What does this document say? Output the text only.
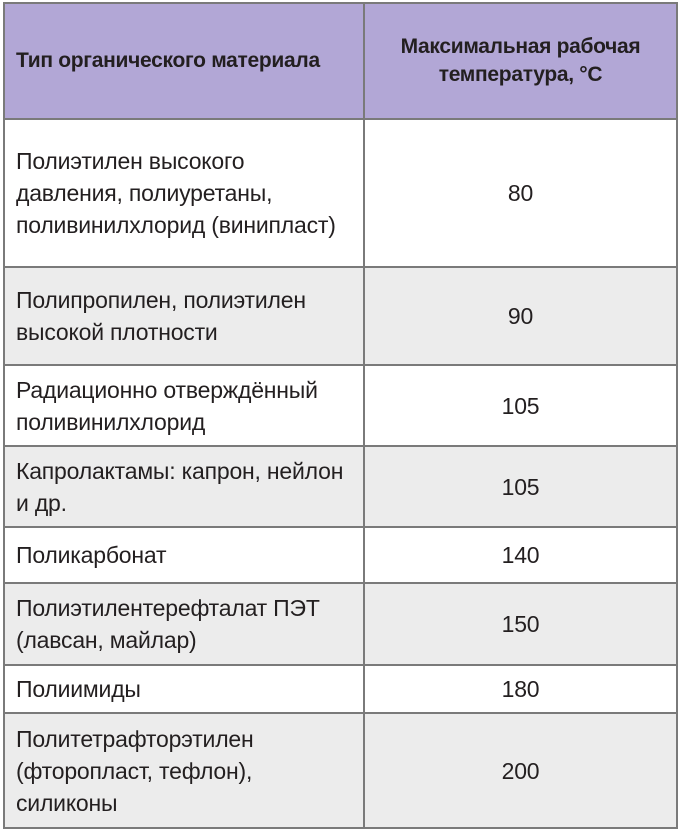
Тип органического материала	Максимальная рабочая температура, °С
Полиэтилен высокого давления, полиуретаны, поливинилхлорид (винипласт)	80
Полипропилен, полиэтилен высокой плотности	90
Радиационно отверждённый поливинилхлорид	105
Капролактамы: капрон, нейлон и др.	105
Поликарбонат	140
Полиэтилентерефталат ПЭТ (лавсан, майлар)	150
Полиимиды	180
Политетрафторэтилен (фторопласт, тефлон), силиконы	200
